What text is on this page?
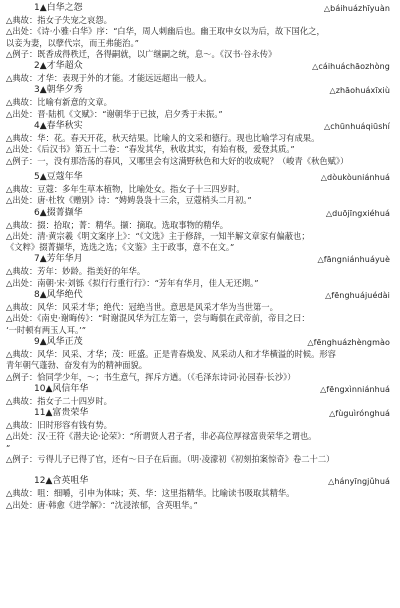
1▲白华之怨	△báihuázhīyuàn
△典故：指女子失宠之哀怨。
△出处：《诗·小雅·白华》序：“白华，周人刺幽后也。幽王取申女以为后，故下国化之，
以妾为妻，以孽代宗，而王弗能治。”
△例子：既香成得秩迁，各得嗣就，以广继嗣之统，息～。《汉书·谷永传》
2▲才华超众	△cáihuáchāozhòng
△典故：才华：表现于外的才能。才能远远超出一般人。
3▲朝华夕秀	△zhāohuáxīxiù
△典故：比喻有新意的文章。
△出处：晋·陆机《文赋》：“谢朝华于已披，启夕秀于未振。”
4▲春华秋实	△chūnhuáqiūshí
△典故：华：花。春天开花，秋天结果。比喻人的文采和德行。现也比喻学习有成果。
△出处：《后汉书》第五十二卷：“春发其华，秋收其实，有始有极，爱登其质。”
△例子：一，没有那浩荡的春风，又哪里会有这满野秋色和大好的收成呢？（峻青《秋色赋》）
5▲豆蔻年华	△dòukòuniánhuá
△典故：豆蔻：多年生草本植物，比喻处女。指女子十三四岁时。
△出处：唐·杜牧《赠别》诗：“娉娉袅袅十三余，豆蔻梢头二月初。”
6▲掇菁撷华	△duōjīngxiéhuá
△典故：掇：拾取；菁：精华。撷：摘取。选取事物的精华。
△出处：清·黄宗羲《明文案序上》：“《文选》主于修辞，一知半解文章家有偏蔽也；
《文粹》掇菁撷华，选选之选；《文鉴》主于政事，意不在文。”
7▲芳年华月	△fāngniánhuáyuè
△典故：芳年：妙龄。指美好的年华。
△出处：南朝·宋·刘铄《拟行行重行行》：“芳年有华月，佳人无还期。”
8▲风华绝代	△fēnghuájuédài
△典故：风华：风采才华；绝代：冠绝当世。意思是风采才华为当世第一。
△出处：《南史·谢晦传》：“时谢混风华为江左第一，尝与晦俱在武帝前，帝目之曰：
‘一时顿有两玉人耳。’”
9▲风华正茂	△fēnghuázhèngmào
△典故：风华：风采、才华；茂：旺盛。正是青春焕发、风采动人和才华横溢的时候。形容
青年朝气蓬勃、奋发有为的精神面貌。
△例子：恰同学少年，～；书生意气，挥斥方遒。（《毛泽东诗词·沁园春·长沙》）
10▲风信年华	△fēngxìnniánhuá
△典故：指女子二十四岁时。
11▲富贵荣华	△fùguìrónghuá
△典故：旧时形容有钱有势。
△出处：汉·王符《潜夫论·论荣》：“所谓贤人君子者，非必高位厚禄富贵荣华之谓也。
”
△例子：亏得儿子已得了官，还有～日子在后面。（明·凌濛初《初刻拍案惊奇》卷二十二）
12▲含英咀华	△hányīngjǔhuá
△典故：咀：细嚼，引申为体味；英、华：这里指精华。比喻读书吸取其精华。
△出处：唐·韩愈《进学解》：“沈浸浓郁，含英咀华。”
